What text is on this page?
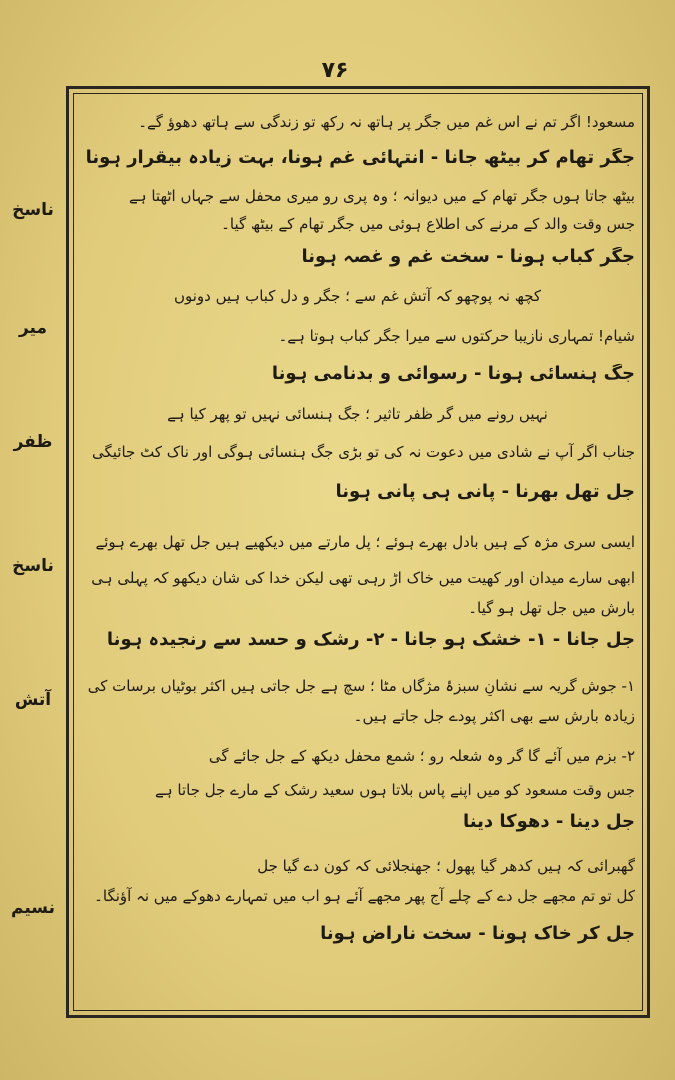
۷۶
ناسخ
میر
ظفر
ناسخ
آتش
نسیم
مسعود! اگر تم نے اس غم میں جگر پر ہاتھ نہ رکھ تو زندگی سے ہاتھ دھوؤ گے۔
جگر تھام کر بیٹھ جانا - انتہائی غم ہونا، بہت زیادہ بیقرار ہونا
بیٹھ جاتا ہوں جگر تھام کے میں دیوانہ ؛ وہ پری رو میری محفل سے جہاں اٹھتا ہے
جس وقت والد کے مرنے کی اطلاع ہوئی میں جگر تھام کے بیٹھ گیا۔
جگر کباب ہونا - سخت غم و غصہ ہونا
کچھ نہ پوچھو کہ آتشِ غم سے ؛ جگر و دل کباب ہیں دونوں
شیام! تمہاری نازیبا حرکتوں سے میرا جگر کباب ہوتا ہے۔
جگ ہنسائی ہونا - رسوائی و بدنامی ہونا
نہیں رونے میں گر ظفر تاثیر ؛ جگ ہنسائی نہیں تو پھر کیا ہے
جناب اگر آپ نے شادی میں دعوت نہ کی تو بڑی جگ ہنسائی ہوگی اور ناک کٹ جائیگی
جل تھل بھرنا - پانی ہی پانی ہونا
ایسی سری مژہ کے ہیں بادل بھرے ہوئے ؛ پل مارتے میں دیکھیے ہیں جل تھل بھرے ہوئے
ابھی سارے میدان اور کھیت میں خاک اڑ رہی تھی لیکن خدا کی شان دیکھو کہ پہلی ہی
بارش میں جل تھل ہو گیا۔
جل جانا - ۱- خشک ہو جانا - ۲- رشک و حسد سے رنجیدہ ہونا
۱- جوشِ گریہ سے نشانِ سبزۂ مژگاں مٹا ؛ سچ ہے جل جاتی ہیں اکثر بوٹیاں برسات کی
زیادہ بارش سے بھی اکثر پودے جل جاتے ہیں۔
۲- بزم میں آئے گا گر وہ شعلہ رو ؛ شمع محفل دیکھ کے جل جائے گی
جس وقت مسعود کو میں اپنے پاس بلاتا ہوں سعید رشک کے مارے جل جاتا ہے
جل دینا - دھوکا دینا
گھبرائی کہ ہیں کدھر گیا پھول ؛ جھنجلائی کہ کون دے گیا جل
کل تو تم مجھے جل دے کے چلے آج پھر مجھے آئے ہو اب میں تمہارے دھوکے میں نہ آؤنگا۔
جل کر خاک ہونا - سخت ناراض ہونا
